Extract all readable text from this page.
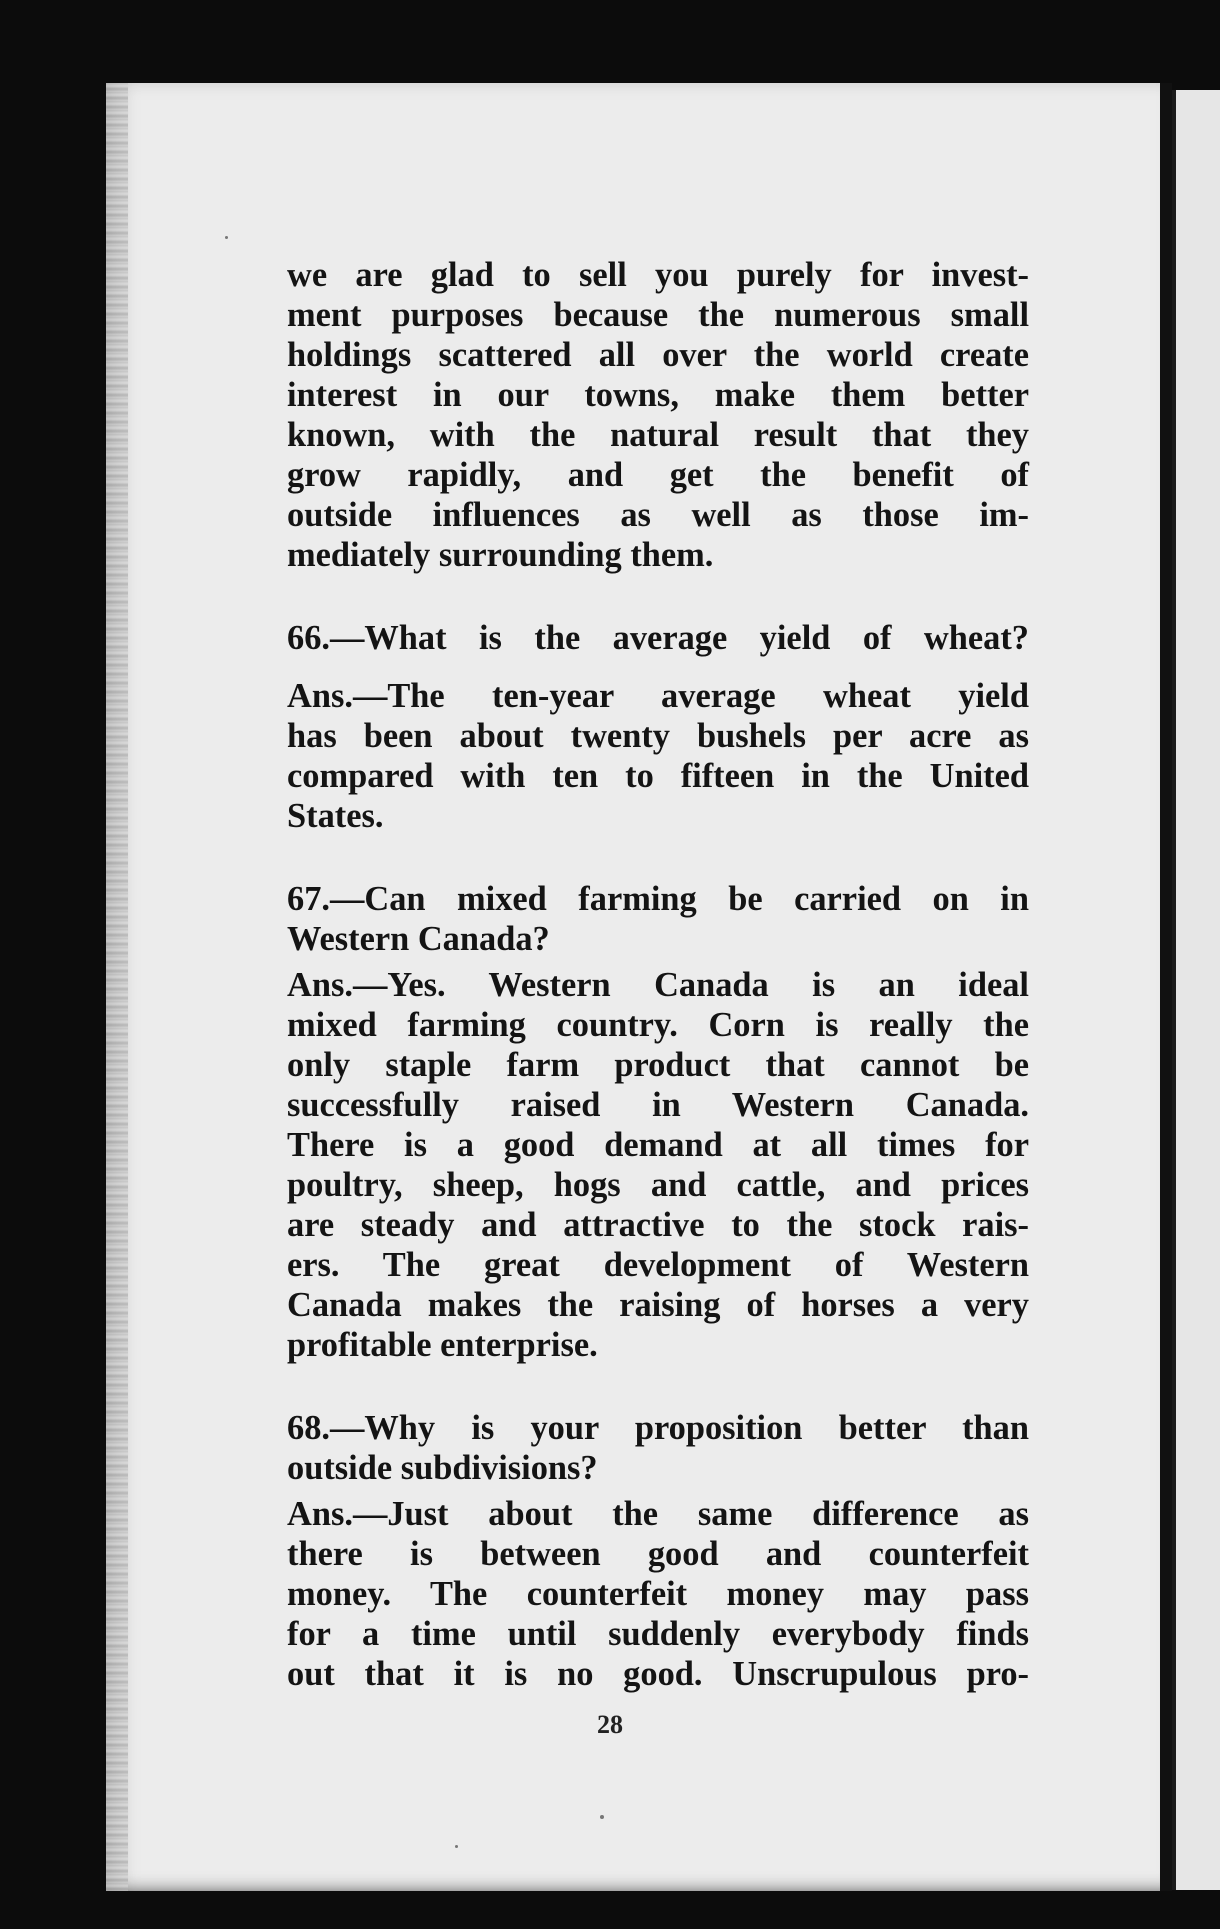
we are glad to sell you purely for invest-
ment purposes because the numerous small
holdings scattered all over the world create
interest in our towns, make them better
known, with the natural result that they
grow rapidly, and get the benefit of
outside influences as well as those im-
mediately surrounding them.

66.—What is the average yield of wheat?

Ans.—The ten-year average wheat yield
has been about twenty bushels per acre as
compared with ten to fifteen in the United
States.

67.—Can mixed farming be carried on in
Western Canada?

Ans.—Yes. Western Canada is an ideal
mixed farming country. Corn is really the
only staple farm product that cannot be
successfully raised in Western Canada.
There is a good demand at all times for
poultry, sheep, hogs and cattle, and prices
are steady and attractive to the stock rais-
ers. The great development of Western
Canada makes the raising of horses a very
profitable enterprise.

68.—Why is your proposition better than
outside subdivisions?

Ans.—Just about the same difference as
there is between good and counterfeit
money. The counterfeit money may pass
for a time until suddenly everybody finds
out that it is no good. Unscrupulous pro-

28
